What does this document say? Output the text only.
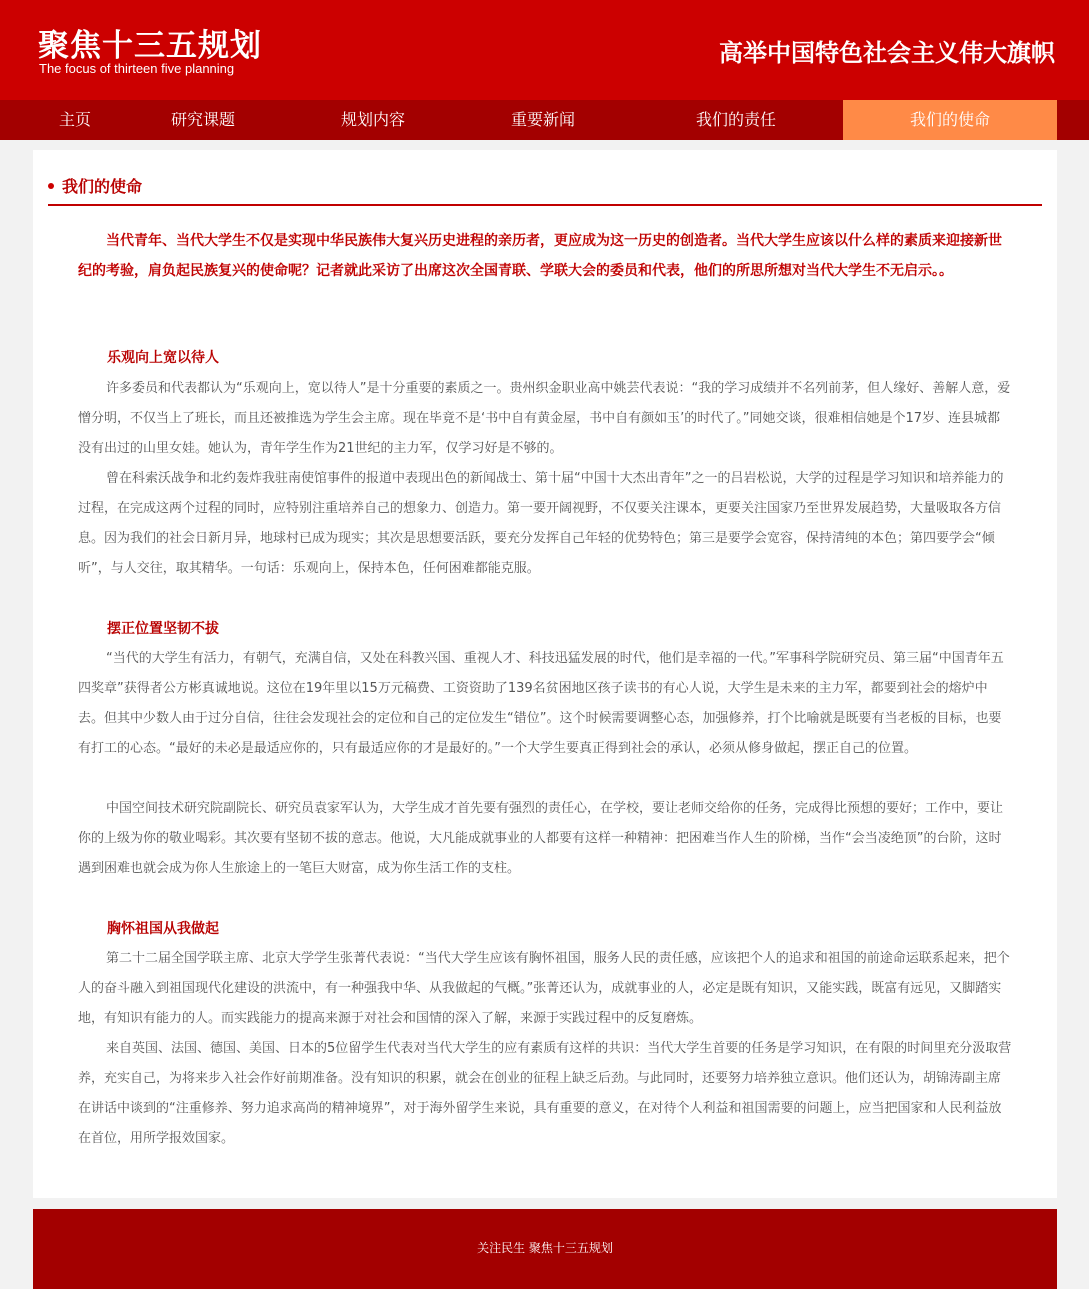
聚焦十三五规划
The focus of thirteen five planning
高举中国特色社会主义伟大旗帜
主页	研究课题	规划内容	重要新闻	我们的责任	我们的使命
我们的使命
当代青年、当代大学生不仅是实现中华民族伟大复兴历史进程的亲历者，更应成为这一历史的创造者。当代大学生应该以什么样的素质来迎接新世纪的考验，肩负起民族复兴的使命呢？记者就此采访了出席这次全国青联、学联大会的委员和代表，他们的所思所想对当代大学生不无启示。。
乐观向上宽以待人
许多委员和代表都认为“乐观向上，宽以待人”是十分重要的素质之一。贵州织金职业高中姚芸代表说：“我的学习成绩并不名列前茅，但人缘好、善解人意，爱憎分明，不仅当上了班长，而且还被推选为学生会主席。现在毕竟不是‘书中自有黄金屋，书中自有颜如玉’的时代了。”同她交谈，很难相信她是个17岁、连县城都没有出过的山里女娃。她认为，青年学生作为21世纪的主力军，仅学习好是不够的。
曾在科索沃战争和北约轰炸我驻南使馆事件的报道中表现出色的新闻战士、第十届“中国十大杰出青年”之一的吕岩松说，大学的过程是学习知识和培养能力的过程，在完成这两个过程的同时，应特别注重培养自己的想象力、创造力。第一要开阔视野，不仅要关注课本，更要关注国家乃至世界发展趋势，大量吸取各方信息。因为我们的社会日新月异，地球村已成为现实；其次是思想要活跃，要充分发挥自己年轻的优势特色；第三是要学会宽容，保持清纯的本色；第四要学会“倾听”，与人交往，取其精华。一句话：乐观向上，保持本色，任何困难都能克服。
摆正位置坚韧不拔
“当代的大学生有活力，有朝气，充满自信，又处在科教兴国、重视人才、科技迅猛发展的时代，他们是幸福的一代。”军事科学院研究员、第三届“中国青年五四奖章”获得者公方彬真诚地说。这位在19年里以15万元稿费、工资资助了139名贫困地区孩子读书的有心人说，大学生是未来的主力军，都要到社会的熔炉中去。但其中少数人由于过分自信，往往会发现社会的定位和自己的定位发生“错位”。这个时候需要调整心态，加强修养，打个比喻就是既要有当老板的目标，也要有打工的心态。“最好的未必是最适应你的，只有最适应你的才是最好的。”一个大学生要真正得到社会的承认，必须从修身做起，摆正自己的位置。
中国空间技术研究院副院长、研究员袁家军认为，大学生成才首先要有强烈的责任心，在学校，要让老师交给你的任务，完成得比预想的要好；工作中，要让你的上级为你的敬业喝彩。其次要有坚韧不拔的意志。他说，大凡能成就事业的人都要有这样一种精神：把困难当作人生的阶梯，当作“会当凌绝顶”的台阶，这时遇到困难也就会成为你人生旅途上的一笔巨大财富，成为你生活工作的支柱。
胸怀祖国从我做起
第二十二届全国学联主席、北京大学学生张菁代表说：“当代大学生应该有胸怀祖国，服务人民的责任感，应该把个人的追求和祖国的前途命运联系起来，把个人的奋斗融入到祖国现代化建设的洪流中，有一种强我中华、从我做起的气概。”张菁还认为，成就事业的人，必定是既有知识，又能实践，既富有远见，又脚踏实地，有知识有能力的人。而实践能力的提高来源于对社会和国情的深入了解，来源于实践过程中的反复磨炼。
来自英国、法国、德国、美国、日本的5位留学生代表对当代大学生的应有素质有这样的共识：当代大学生首要的任务是学习知识，在有限的时间里充分汲取营养，充实自己，为将来步入社会作好前期准备。没有知识的积累，就会在创业的征程上缺乏后劲。与此同时，还要努力培养独立意识。他们还认为，胡锦涛副主席在讲话中谈到的“注重修养、努力追求高尚的精神境界”，对于海外留学生来说，具有重要的意义，在对待个人利益和祖国需要的问题上，应当把国家和人民利益放在首位，用所学报效国家。
关注民生 聚焦十三五规划
